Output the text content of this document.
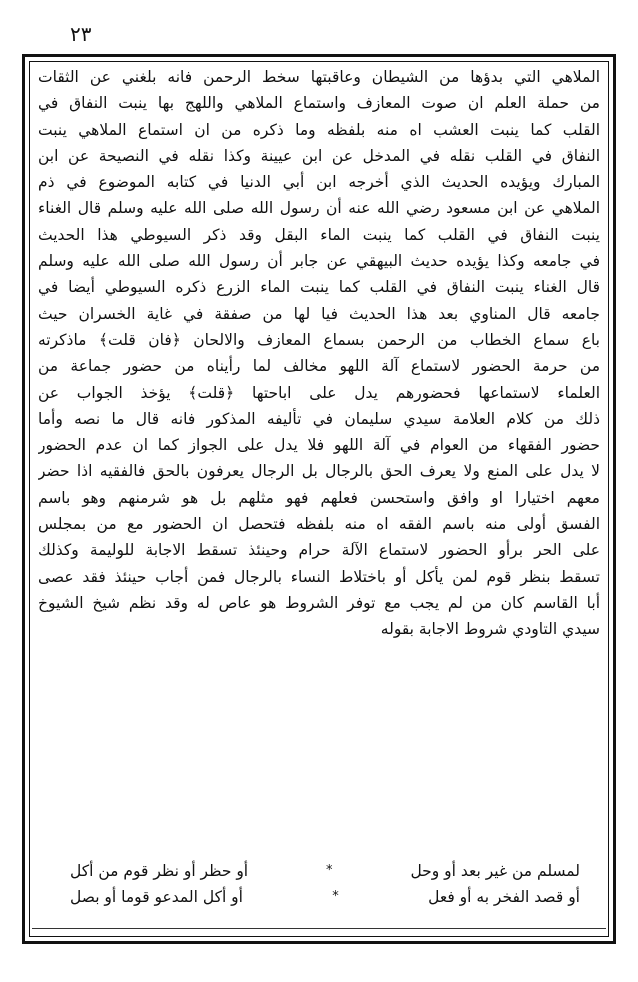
٢٣
الملاهي التي بدؤها من الشيطان وعاقبتها سخط الرحمن فانه بلغني عن الثقات
من حملة العلم ان صوت المعازف واستماع الملاهي واللهج بها ينبت النفاق في
القلب كما ينبت العشب اه منه بلفظه وما ذكره من ان استماع الملاهي ينبت
النفاق في القلب نقله في المدخل عن ابن عيينة وكذا نقله في النصيحة عن ابن
المبارك ويؤيده الحديث الذي أخرجه ابن أبي الدنيا في كتابه الموضوع في ذم
الملاهي عن ابن مسعود رضي الله عنه أن رسول الله صلى الله عليه وسلم قال الغناء
ينبت النفاق في القلب كما ينبت الماء البقل وقد ذكر السيوطي هذا الحديث
في جامعه وكذا يؤيده حديث البيهقي عن جابر أن رسول الله صلى الله عليه وسلم
قال الغناء ينبت النفاق في القلب كما ينبت الماء الزرع ذكره السيوطي أيضا في
جامعه قال المناوي بعد هذا الحديث فيا لها من صفقة في غاية الخسران حيث
باع سماع الخطاب من الرحمن بسماع المعازف والالحان ﴿فان قلت﴾ ماذكرته
من حرمة الحضور لاستماع آلة اللهو مخالف لما رأيناه من حضور جماعة من
العلماء لاستماعها فحضورهم يدل على اباحتها ﴿قلت﴾ يؤخذ الجواب عن
ذلك من كلام العلامة سيدي سليمان في تأليفه المذكور فانه قال ما نصه وأما
حضور الفقهاء من العوام في آلة اللهو فلا يدل على الجواز كما ان عدم الحضور
لا يدل على المنع ولا يعرف الحق بالرجال بل الرجال يعرفون بالحق فالفقيه اذا حضر
معهم اختيارا او وافق واستحسن فعلهم فهو مثلهم بل هو شرمنهم وهو باسم
الفسق أولى منه باسم الفقه اه منه بلفظه فتحصل ان الحضور مع من بمجلس
على الحر برأو الحضور لاستماع الآلة حرام وحينئذ تسقط الاجابة للوليمة وكذلك
تسقط بنظر قوم لمن يأكل أو باختلاط النساء بالرجال فمن أجاب حينئذ فقد عصى
أبا القاسم كان من لم يجب مع توفر الشروط هو عاص له وقد نظم شيخ الشيوخ
سيدي التاودي شروط الاجابة بقوله
لمسلم من غير بعد أو وحل
*
أو حظر أو نظر قوم من أكل
أو قصد الفخر به أو فعل
*
أو أكل المدعو قوما أو بصل
